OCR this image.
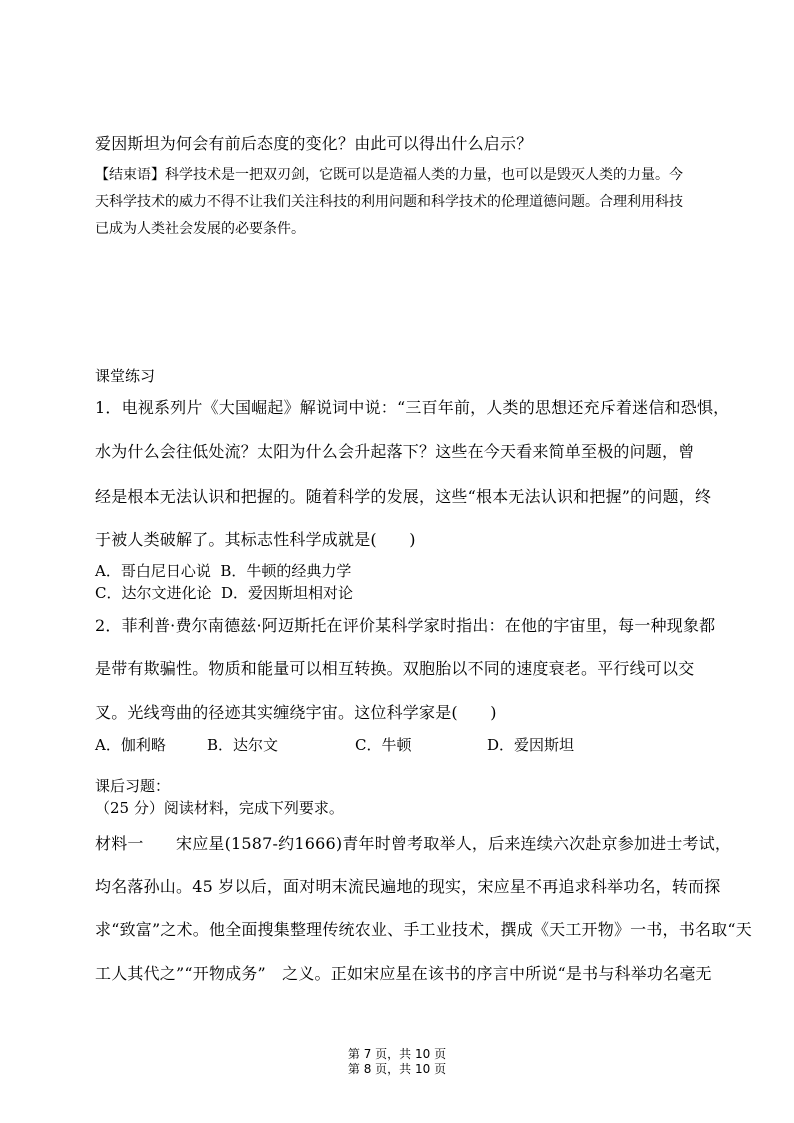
爱因斯坦为何会有前后态度的变化？由此可以得出什么启示？
【结束语】科学技术是一把双刃剑，它既可以是造福人类的力量，也可以是毁灭人类的力量。今
天科学技术的威力不得不让我们关注科技的利用问题和科学技术的伦理道德问题。合理利用科技
已成为人类社会发展的必要条件。
课堂练习
1．电视系列片《大国崛起》解说词中说：“三百年前，人类的思想还充斥着迷信和恐惧，
水为什么会往低处流？太阳为什么会升起落下？这些在今天看来简单至极的问题，曾
经是根本无法认识和把握的。随着科学的发展，这些“根本无法认识和把握”的问题，终
于被人类破解了。其标志性科学成就是(　　)
A．哥白尼日心说 B．牛顿的经典力学
C．达尔文进化论 D．爱因斯坦相对论
2．菲利普·费尔南德兹·阿迈斯托在评价某科学家时指出：在他的宇宙里，每一种现象都
是带有欺骗性。物质和能量可以相互转换。双胞胎以不同的速度衰老。平行线可以交
叉。光线弯曲的径迹其实缠绕宇宙。这位科学家是(　　)
A．伽利略	B．达尔文	C．牛顿	D．爱因斯坦
课后习题：
（25 分）阅读材料，完成下列要求。
材料一　　宋应星(1587-约1666)青年时曾考取举人，后来连续六次赴京参加进士考试，
均名落孙山。45 岁以后，面对明末流民遍地的现实，宋应星不再追求科举功名，转而探
求“致富”之术。他全面搜集整理传统农业、手工业技术，撰成《天工开物》一书，书名取“天
工人其代之”“开物成务”　之义。正如宋应星在该书的序言中所说“是书与科举功名毫无
第 7 页，共 10 页
第 8 页，共 10 页
